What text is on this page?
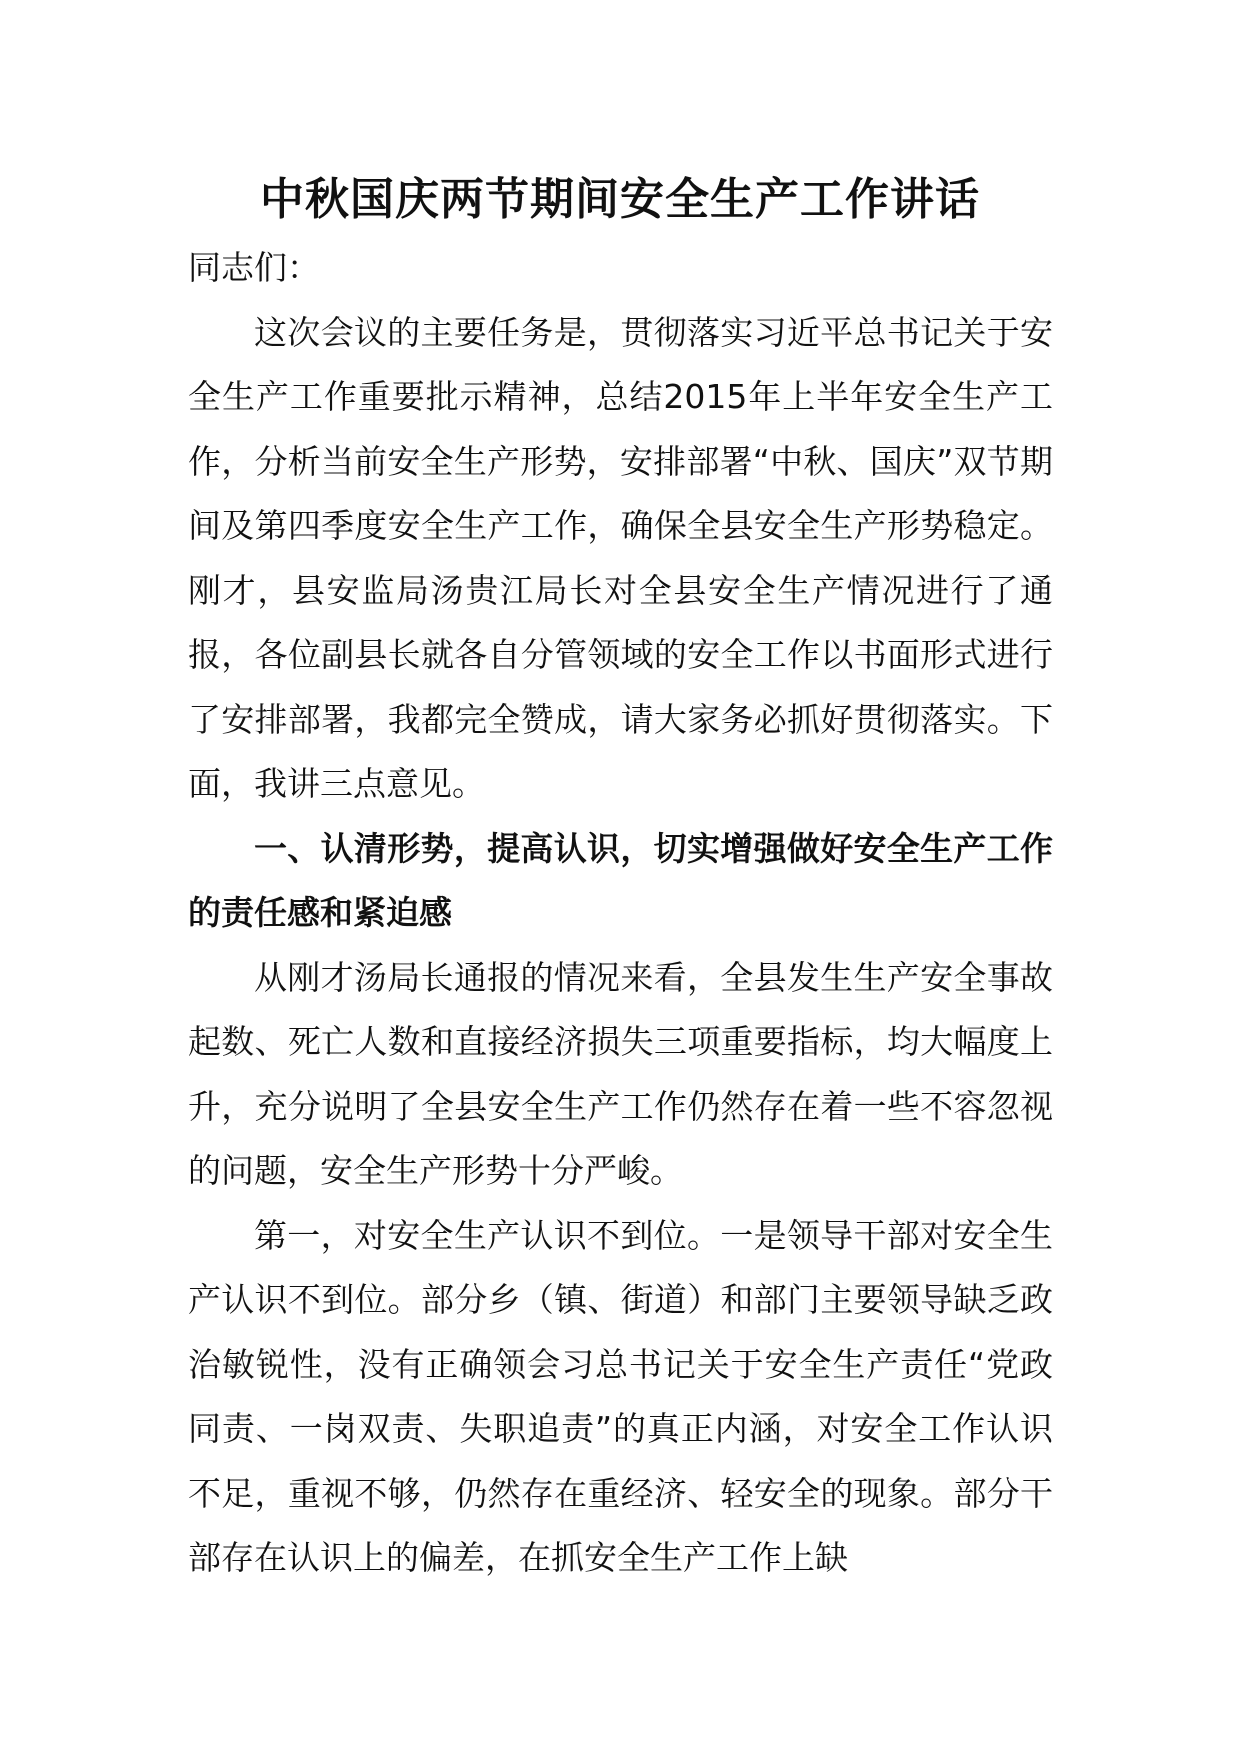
中秋国庆两节期间安全生产工作讲话

同志们：

这次会议的主要任务是，贯彻落实习近平总书记关于安全生产工作重要批示精神，总结2015年上半年安全生产工作，分析当前安全生产形势，安排部署“中秋、国庆”双节期间及第四季度安全生产工作，确保全县安全生产形势稳定。刚才，县安监局汤贵江局长对全县安全生产情况进行了通报，各位副县长就各自分管领域的安全工作以书面形式进行了安排部署，我都完全赞成，请大家务必抓好贯彻落实。下面，我讲三点意见。

一、认清形势，提高认识，切实增强做好安全生产工作的责任感和紧迫感

从刚才汤局长通报的情况来看，全县发生生产安全事故起数、死亡人数和直接经济损失三项重要指标，均大幅度上升，充分说明了全县安全生产工作仍然存在着一些不容忽视的问题，安全生产形势十分严峻。

第一，对安全生产认识不到位。一是领导干部对安全生产认识不到位。部分乡（镇、街道）和部门主要领导缺乏政治敏锐性，没有正确领会习总书记关于安全生产责任“党政同责、一岗双责、失职追责”的真正内涵，对安全工作认识不足，重视不够，仍然存在重经济、轻安全的现象。部分干部存在认识上的偏差，在抓安全生产工作上缺
